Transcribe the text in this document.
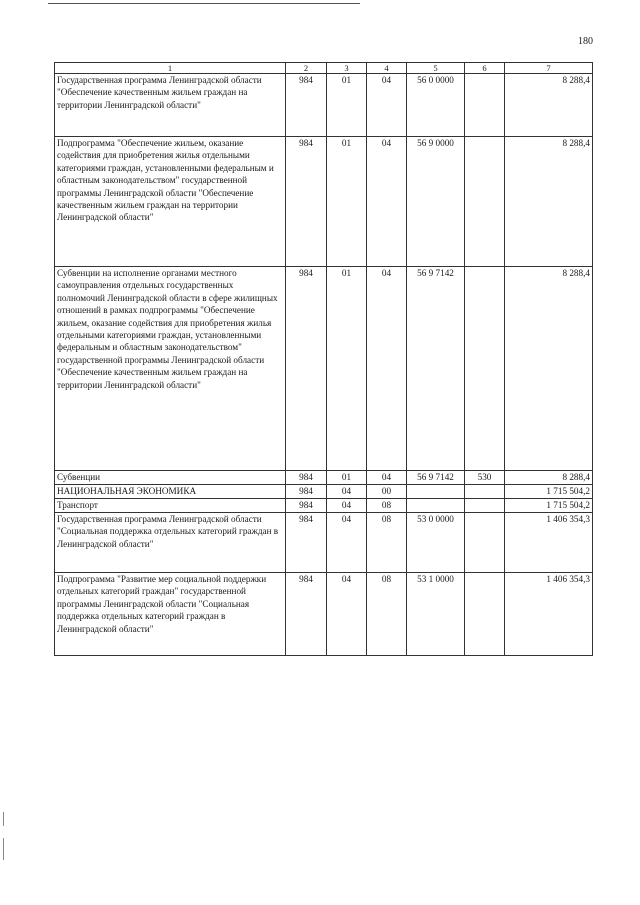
180
1	2	3	4	5	6	7
Государственная программа Ленинградской области "Обеспечение качественным жильем граждан на территории Ленинградской области"	984	01	04	56 0 0000		8 288,4
Подпрограмма "Обеспечение жильем, оказание содействия для приобретения жилья отдельными категориями граждан, установленными федеральным и областным законодательством" государственной программы Ленинградской области "Обеспечение качественным жильем граждан на территории Ленинградской области"	984	01	04	56 9 0000		8 288,4
Субвенции на исполнение органами местного самоуправления отдельных государственных полномочий Ленинградской области в сфере жилищных отношений в рамках подпрограммы "Обеспечение жильем, оказание содействия для приобретения жилья отдельными категориями граждан, установленными федеральным и областным законодательством" государственной программы Ленинградской области "Обеспечение качественным жильем граждан на территории Ленинградской области"	984	01	04	56 9 7142		8 288,4
Субвенции	984	01	04	56 9 7142	530	8 288,4
НАЦИОНАЛЬНАЯ ЭКОНОМИКА	984	04	00			1 715 504,2
Транспорт	984	04	08			1 715 504,2
Государственная программа Ленинградской области "Социальная поддержка отдельных категорий граждан в Ленинградской области"	984	04	08	53 0 0000		1 406 354,3
Подпрограмма "Развитие мер социальной поддержки отдельных категорий граждан" государственной программы Ленинградской области "Социальная поддержка отдельных категорий граждан в Ленинградской области"	984	04	08	53 1 0000		1 406 354,3
